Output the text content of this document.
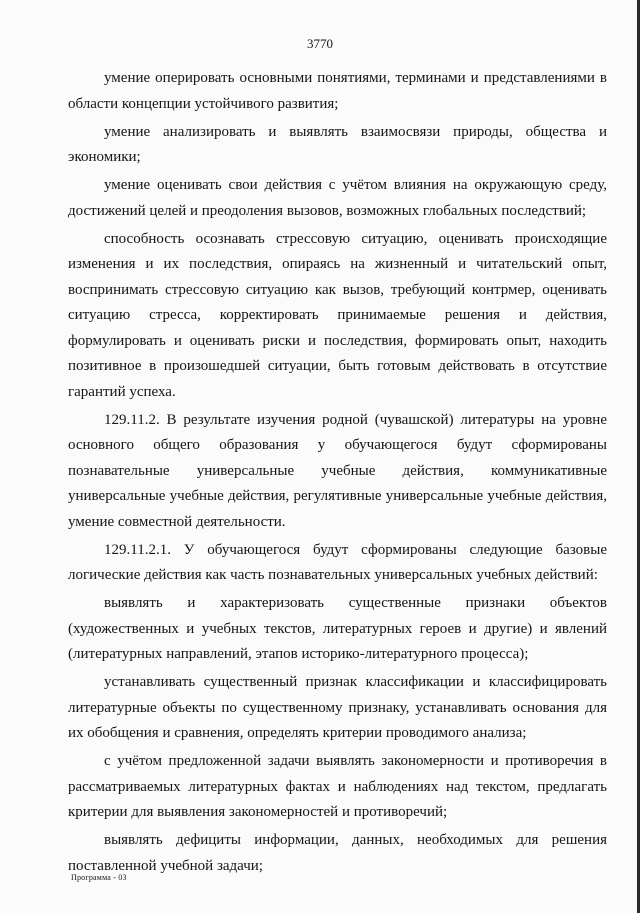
3770

умение оперировать основными понятиями, терминами и представлениями в области концепции устойчивого развития;

умение анализировать и выявлять взаимосвязи природы, общества и экономики;

умение оценивать свои действия с учётом влияния на окружающую среду, достижений целей и преодоления вызовов, возможных глобальных последствий;

способность осознавать стрессовую ситуацию, оценивать происходящие изменения и их последствия, опираясь на жизненный и читательский опыт, воспринимать стрессовую ситуацию как вызов, требующий контрмер, оценивать ситуацию стресса, корректировать принимаемые решения и действия, формулировать и оценивать риски и последствия, формировать опыт, находить позитивное в произошедшей ситуации, быть готовым действовать в отсутствие гарантий успеха.

129.11.2. В результате изучения родной (чувашской) литературы на уровне основного общего образования у обучающегося будут сформированы познавательные универсальные учебные действия, коммуникативные универсальные учебные действия, регулятивные универсальные учебные действия, умение совместной деятельности.

129.11.2.1. У обучающегося будут сформированы следующие базовые логические действия как часть познавательных универсальных учебных действий:

выявлять и характеризовать существенные признаки объектов (художественных и учебных текстов, литературных героев и другие) и явлений (литературных направлений, этапов историко-литературного процесса);

устанавливать существенный признак классификации и классифицировать литературные объекты по существенному признаку, устанавливать основания для их обобщения и сравнения, определять критерии проводимого анализа;

с учётом предложенной задачи выявлять закономерности и противоречия в рассматриваемых литературных фактах и наблюдениях над текстом, предлагать критерии для выявления закономерностей и противоречий;

выявлять дефициты информации, данных, необходимых для решения поставленной учебной задачи;

Программа - 03
